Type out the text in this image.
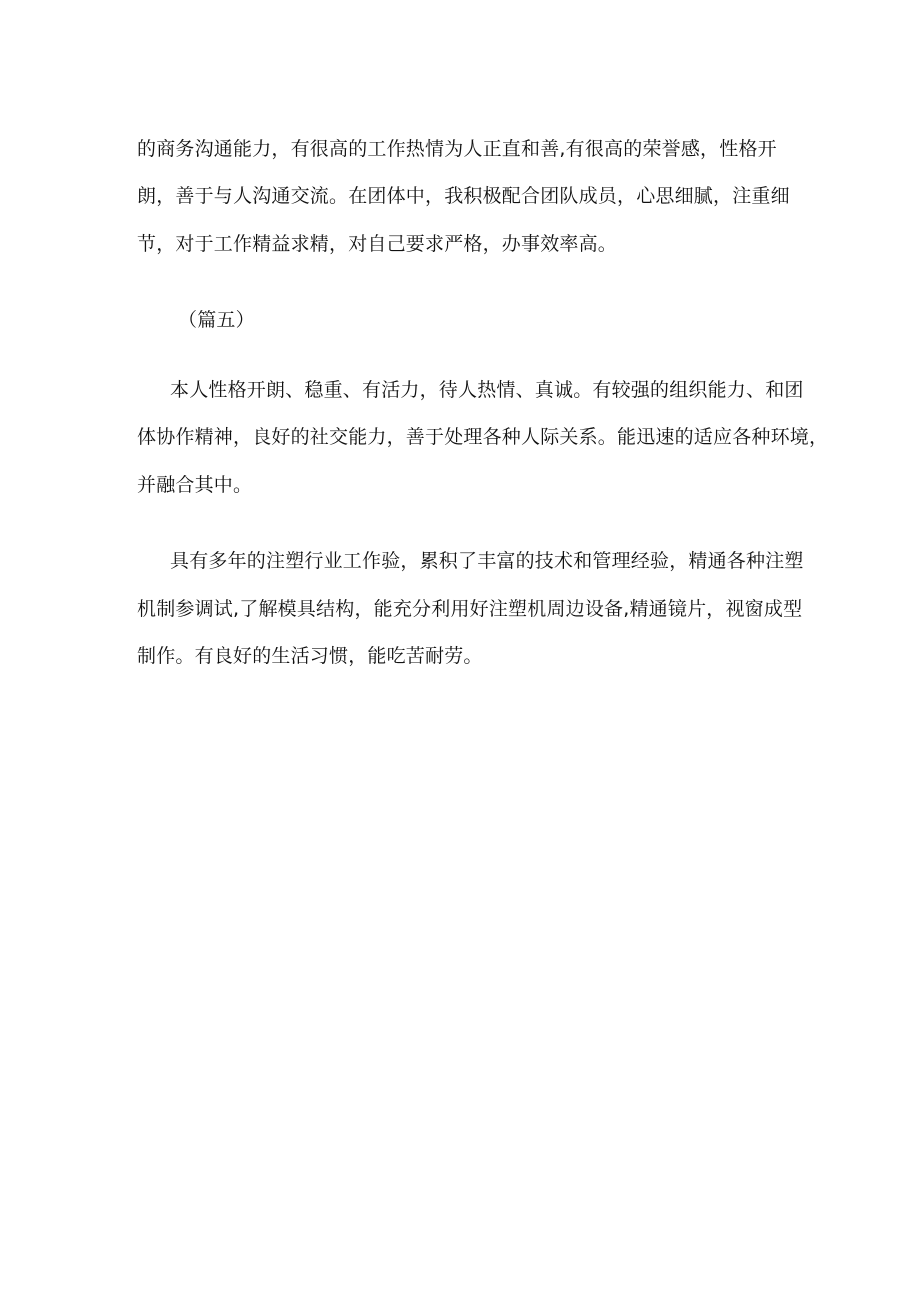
的商务沟通能力，有很高的工作热情为人正直和善,有很高的荣誉感，性格开
朗，善于与人沟通交流。在团体中，我积极配合团队成员，心思细腻，注重细
节，对于工作精益求精，对自己要求严格，办事效率高。
（篇五）
本人性格开朗、稳重、有活力，待人热情、真诚。有较强的组织能力、和团
体协作精神，良好的社交能力，善于处理各种人际关系。能迅速的适应各种环境，
并融合其中。
具有多年的注塑行业工作验，累积了丰富的技术和管理经验，精通各种注塑
机制参调试,了解模具结构，能充分利用好注塑机周边设备,精通镜片，视窗成型
制作。有良好的生活习惯，能吃苦耐劳。
